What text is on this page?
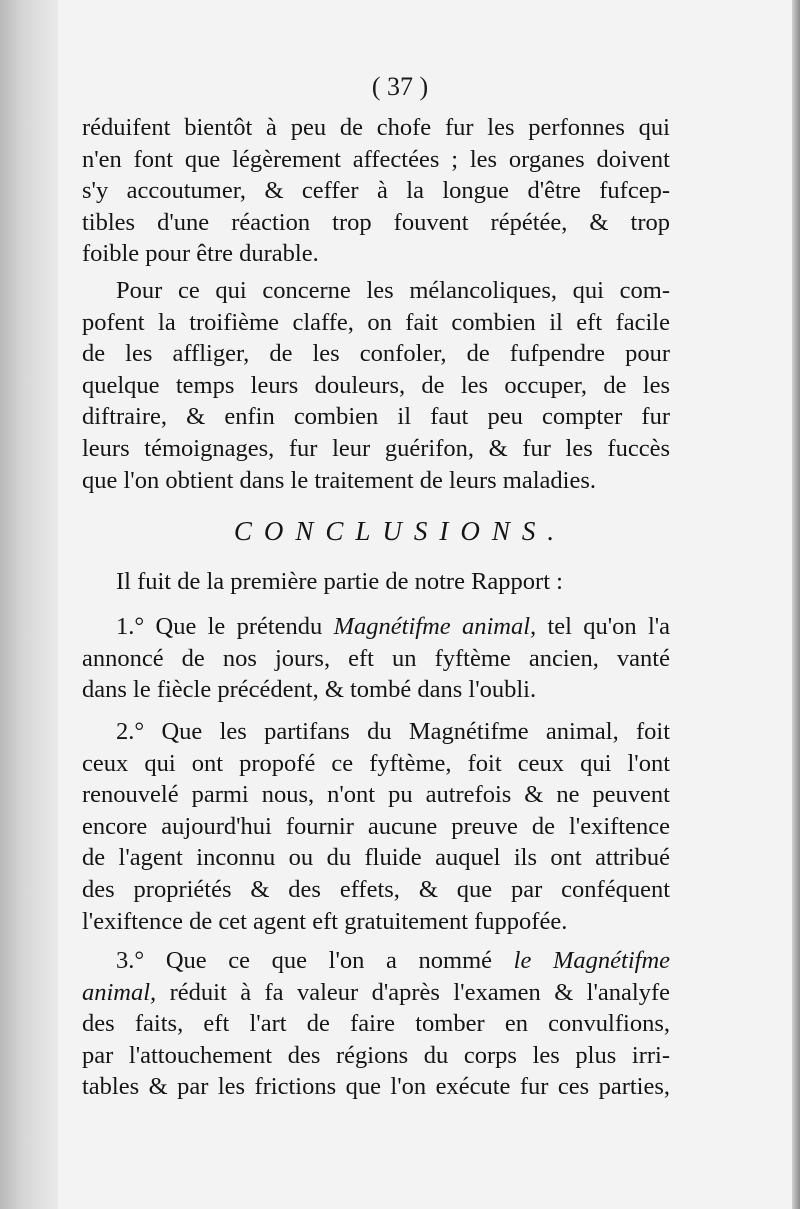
( 37 )
réduifent bientôt à peu de chofe fur les perfonnes qui
n'en font que légèrement affectées ; les organes doivent
s'y accoutumer, & ceffer à la longue d'être fufcep-
tibles d'une réaction trop fouvent répétée, & trop
foible pour être durable.
Pour ce qui concerne les mélancoliques, qui com-
pofent la troifième claffe, on fait combien il eft facile
de les affliger, de les confoler, de fufpendre pour
quelque temps leurs douleurs, de les occuper, de les
diftraire, & enfin combien il faut peu compter fur
leurs témoignages, fur leur guérifon, & fur les fuccès
que l'on obtient dans le traitement de leurs maladies.
CONCLUSIONS.
Il fuit de la première partie de notre Rapport :
1.° Que le prétendu Magnétifme animal, tel qu'on l'a
annoncé de nos jours, eft un fyftème ancien, vanté
dans le fiècle précédent, & tombé dans l'oubli.
2.° Que les partifans du Magnétifme animal, foit
ceux qui ont propofé ce fyftème, foit ceux qui l'ont
renouvelé parmi nous, n'ont pu autrefois & ne peuvent
encore aujourd'hui fournir aucune preuve de l'exiftence
de l'agent inconnu ou du fluide auquel ils ont attribué
des propriétés & des effets, & que par conféquent
l'exiftence de cet agent eft gratuitement fuppofée.
3.° Que ce que l'on a nommé le Magnétifme
animal, réduit à fa valeur d'après l'examen & l'analyfe
des faits, eft l'art de faire tomber en convulfions,
par l'attouchement des régions du corps les plus irri-
tables & par les frictions que l'on exécute fur ces parties,
